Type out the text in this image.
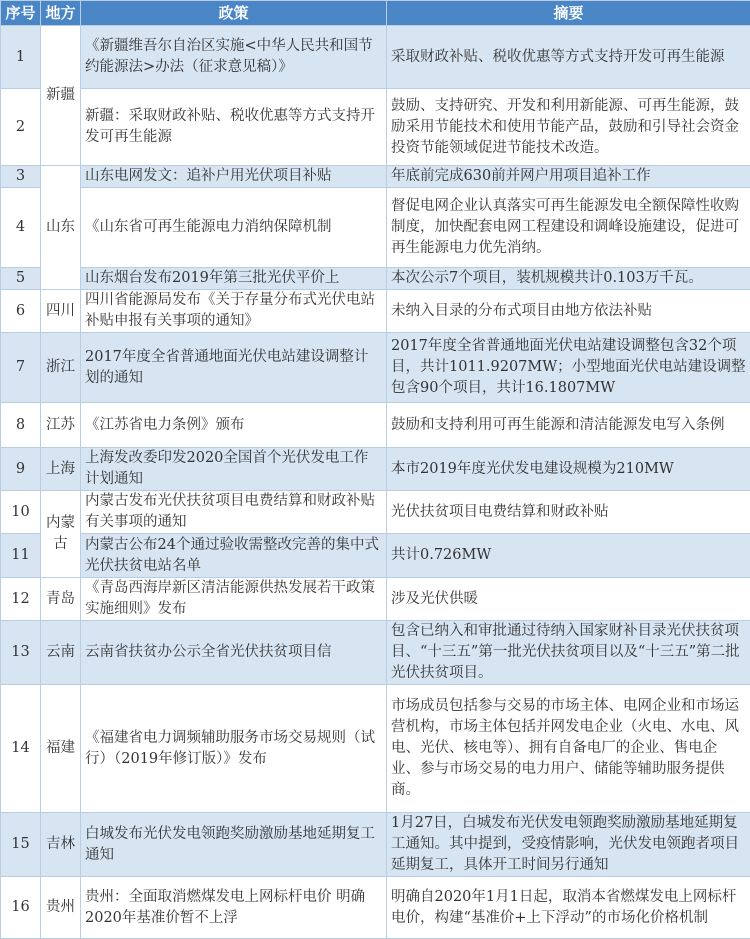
序号	地方	政策	摘要
1	新疆	《新疆维吾尔自治区实施<中华人民共和国节约能源法>办法（征求意见稿）》	采取财政补贴、税收优惠等方式支持开发可再生能源
2		新疆：采取财政补贴、税收优惠等方式支持开发可再生能源	鼓励、支持研究、开发和利用新能源、可再生能源，鼓励采用节能技术和使用节能产品，鼓励和引导社会资金投资节能领域促进节能技术改造。
3	山东	山东电网发文：追补户用光伏项目补贴	年底前完成630前并网户用项目追补工作
4		《山东省可再生能源电力消纳保障机制	督促电网企业认真落实可再生能源发电全额保障性收购制度，加快配套电网工程建设和调峰设施建设，促进可再生能源电力优先消纳。
5		山东烟台发布2019年第三批光伏平价上	本次公示7个项目，装机规模共计0.103万千瓦。
6	四川	四川省能源局发布《关于存量分布式光伏电站补贴申报有关事项的通知》	未纳入目录的分布式项目由地方依法补贴
7	浙江	2017年度全省普通地面光伏电站建设调整计划的通知	2017年度全省普通地面光伏电站建设调整包含32个项目，共计1011.9207MW；小型地面光伏电站建设调整包含90个项目，共计16.1807MW
8	江苏	《江苏省电力条例》颁布	鼓励和支持利用可再生能源和清洁能源发电写入条例
9	上海	上海发改委印发2020全国首个光伏发电工作计划通知	本市2019年度光伏发电建设规模为210MW
10	内蒙古	内蒙古发布光伏扶贫项目电费结算和财政补贴有关事项的通知	光伏扶贫项目电费结算和财政补贴
11		内蒙古公布24个通过验收需整改完善的集中式光伏扶贫电站名单	共计0.726MW
12	青岛	《青岛西海岸新区清洁能源供热发展若干政策实施细则》发布	涉及光伏供暖
13	云南	云南省扶贫办公示全省光伏扶贫项目信	包含已纳入和审批通过待纳入国家财补目录光伏扶贫项目、“十三五”第一批光伏扶贫项目以及“十三五”第二批光伏扶贫项目。
14	福建	《福建省电力调频辅助服务市场交易规则（试行）（2019年修订版）》发布	市场成员包括参与交易的市场主体、电网企业和市场运营机构，市场主体包括并网发电企业（火电、水电、风电、光伏、核电等）、拥有自备电厂的企业、售电企业、参与市场交易的电力用户、储能等辅助服务提供商。
15	吉林	白城发布光伏发电领跑奖励激励基地延期复工通知	1月27日，白城发布光伏发电领跑奖励激励基地延期复工通知。其中提到，受疫情影响，光伏发电领跑者项目延期复工，具体开工时间另行通知
16	贵州	贵州：全面取消燃煤发电上网标杆电价 明确2020年基准价暂不上浮	明确自2020年1月1日起，取消本省燃煤发电上网标杆电价，构建“基准价+上下浮动”的市场化价格机制
